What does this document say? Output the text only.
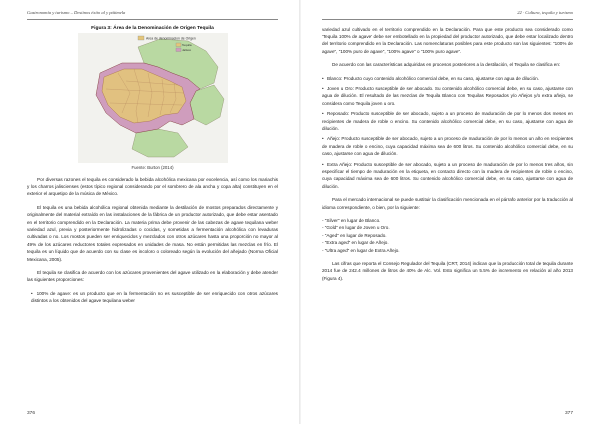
Gastronomía y turismo – Destinos éxito al y pátimela
Figura 3: Área de la Denominación de Origen Tequila
Area de denominacion de Origen
Tequila
Jalisco
Fuente: Burton (2014)

Por diversas razones el tequila es considerado la bebida alcohólica mexicana por excelencia, así como los mariachis y los charros jaliscienses (estos típico regional considerando por el sombrero de ala ancha y copa alta) constituyen en el exterior el arquetipo de la música de México.

El tequila es una bebida alcohólica regional obtenida mediante la destilación de mostos preparados directamente y originalmente del material extraído en las instalaciones de la fábrica de un productor autorizado, que debe estar asentado en el territorio comprendido en la Declaración. La materia prima debe provenir de las cabezas de agave tequilana weber variedad azul, previa y posteriormente hidrolizadas o cocidas, y sometidas a fermentación alcohólica con levaduras cultivadas o no. Los mostos pueden ser enriquecidos y mezclados con otros azúcares hasta una proporción no mayor al 49% de los azúcares reductores totales expresados en unidades de masa. No están permitidas las mezclas en frío. El tequila es un líquido que de acuerdo con su clase es incoloro o coloreado según la evolución del añejado (Norma Oficial Mexicana, 2005).

El tequila se clasifica de acuerdo con los azúcares provenientes del agave utilizado en la elaboración y debe atender las siguientes proporciones:

•  100% de agave: es un producto que en la fermentación no es susceptible de ser enriquecido con otros azúcares distintos a los obtenidos del agave tequilana weber
376
22 · Cultura, tequila y turismo

variedad azul cultivado en el territorio comprendido en la Declaración. Para que este producto sea considerado como 'Tequila 100% de agave' debe ser embotellado en la propiedad del productor autorizado, que debe estar localizado dentro del territorio comprendido en la Declaración. Las nomenclaturas posibles para este producto son las siguientes: "100% de agave", "100% puro de agave", "100% agave" o "100% puro agave".

De acuerdo con las características adquiridas en procesos posteriores a la destilación, el Tequila se clasifica en:

• Blanco: Producto cuyo contenido alcohólico comercial debe, en su caso, ajustarse con agua de dilución.
• Joven u Oro: Producto susceptible de ser abocado. Su contenido alcohólico comercial debe, en su caso, ajustarse con agua de dilución. El resultado de las mezclas de Tequila Blanco con Tequilas Reposados y/o Añejos y/o extra añejo, se considera como Tequila joven u oro.
• Reposado: Producto susceptible de ser abocado, sujeto a un proceso de maduración de por lo menos dos meses en recipientes de madera de roble o encino. Su contenido alcohólico comercial debe, en su caso, ajustarse con agua de dilución.
• Añejo: Producto susceptible de ser abocado, sujeto a un proceso de maduración de por lo menos un año en recipientes de madera de roble o encino, cuya capacidad máxima sea de 600 litros. Su contenido alcohólico comercial debe, en su caso, ajustarse con agua de dilución.
• Extra Añejo: Producto susceptible de ser abocado, sujeto a un proceso de maduración de por lo menos tres años, sin especificar el tiempo de maduración en la etiqueta, en contacto directo con la madera de recipientes de roble o encino, cuya capacidad máxima sea de 600 litros. Su contenido alcohólico comercial debe, en su caso, ajustarse con agua de dilución.

Para el mercado internacional se puede sustituir la clasificación mencionada en el párrafo anterior por la traducción al idioma correspondiente, o bien, por la siguiente:

- "Silver" en lugar de Blanco.
- "Gold" en lugar de Joven u Oro.
- "Aged" en lugar de Reposado.
- "Extra aged" en lugar de Añejo.
- "Ultra aged" en lugar de Extra Añejo.

Las cifras que reporta el Consejo Regulador del Tequila (CRT, 2014) indican que la producción total de tequila durante 2014 fue de 242.4 millones de litros de 40% de Alc. Vol. Esto significa un 5.5% de incremento en relación al año 2013 (Figura 4).

377
